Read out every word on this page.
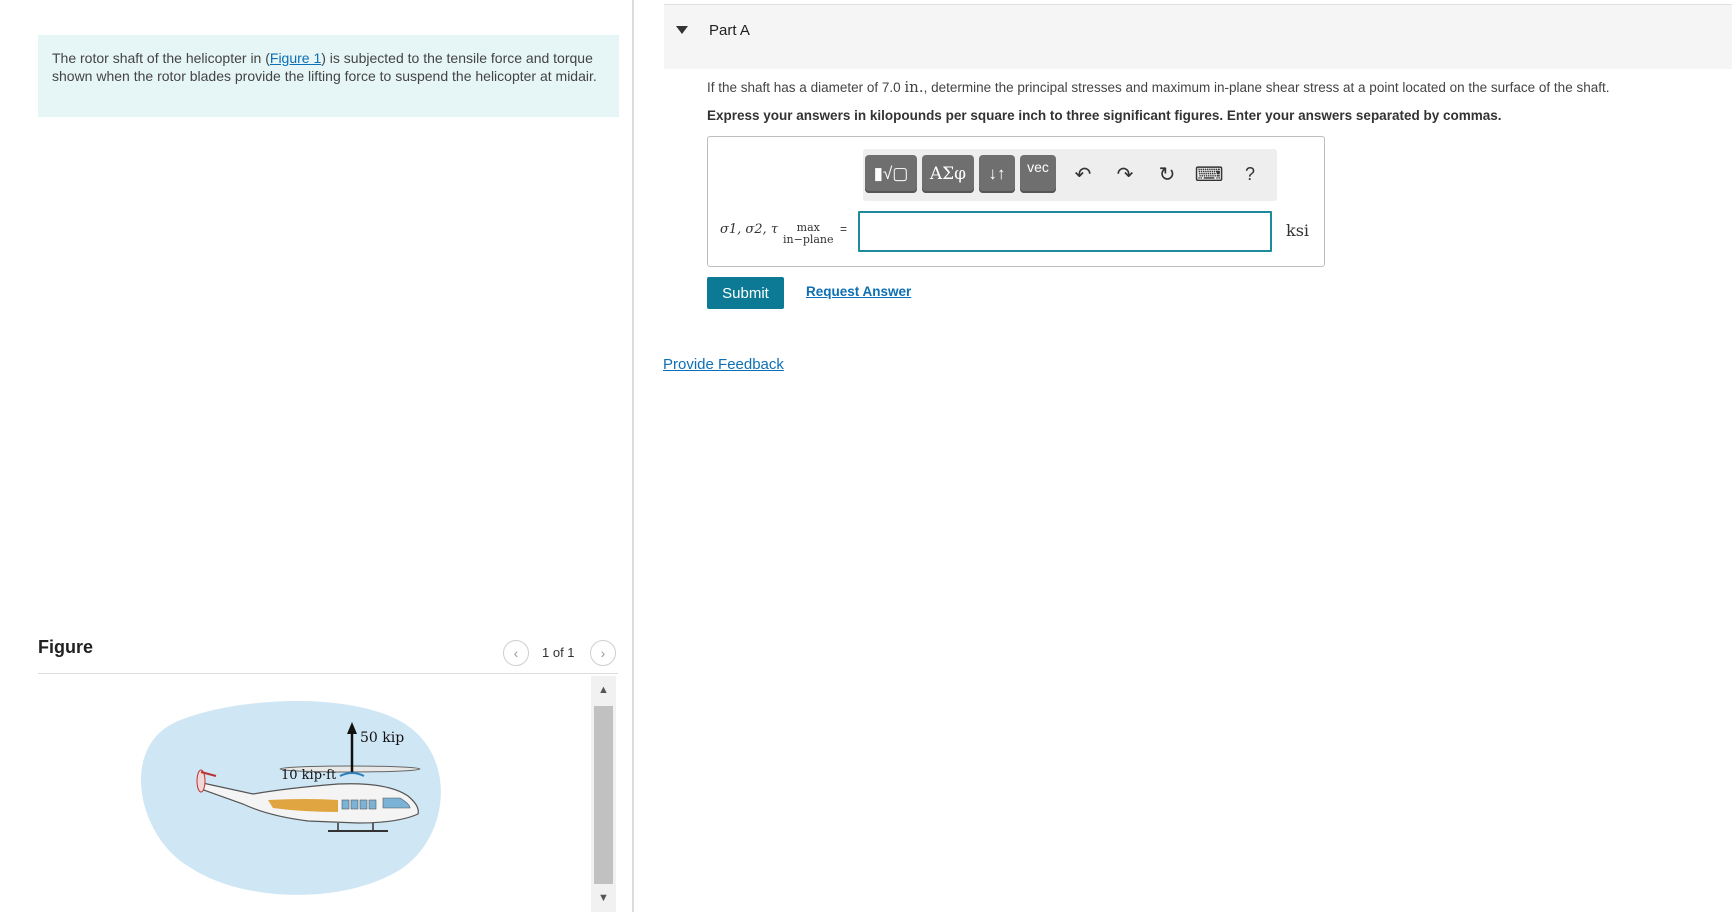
The rotor shaft of the helicopter in (Figure 1) is subjected to the tensile force and torque shown when the rotor blades provide the lifting force to suspend the helicopter at midair.
Figure	‹ 1 of 1 ›
50 kip
10 kip·ft
▲
▼
Part A
If the shaft has a diameter of 7.0 in., determine the principal stresses and maximum in-plane shear stress at a point located on the surface of the shaft.
Express your answers in kilopounds per square inch to three significant figures. Enter your answers separated by commas.
▮√▢ ΑΣφ ↓↑ vec	↶	↷	↻ ⌨	?
σ1, σ2, τ	max
in−plane
=	ksi
Submit	Request Answer
Provide Feedback
